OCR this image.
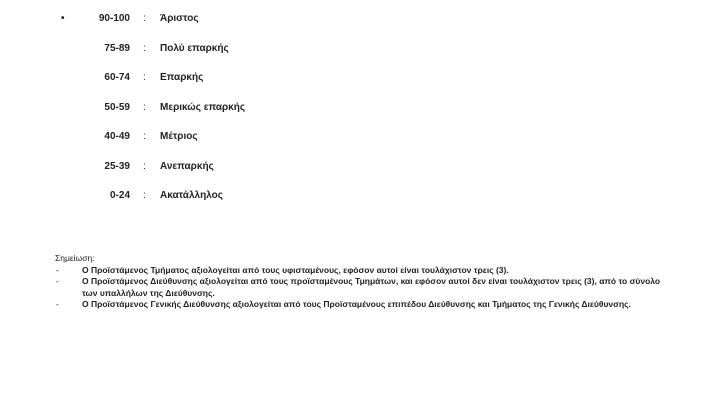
•	90-100 : Άριστος
75-89 : Πολύ επαρκής
60-74 : Επαρκής
50-59 : Μερικώς επαρκής
40-49 : Μέτριος
25-39 : Ανεπαρκής
0-24 : Ακατάλληλος
Σημείωση:
-	Ο Προϊστάμενος Τμήματος αξιολογείται από τους υφισταμένους, εφόσον αυτοί είναι τουλάχιστον τρεις (3).
-	Ο Προϊστάμενος Διεύθυνσης αξιολογείται από τους προϊσταμένους Τμημάτων, και εφόσον αυτοί δεν είναι τουλάχιστον τρεις (3), από το σύνολο των υπαλλήλων της Διεύθυνσης.
-	Ο Προϊστάμενος Γενικής Διεύθυνσης αξιολογείται από τους Προϊσταμένους επιπέδου Διεύθυνσης και Τμήματος της Γενικής Διεύθυνσης.
